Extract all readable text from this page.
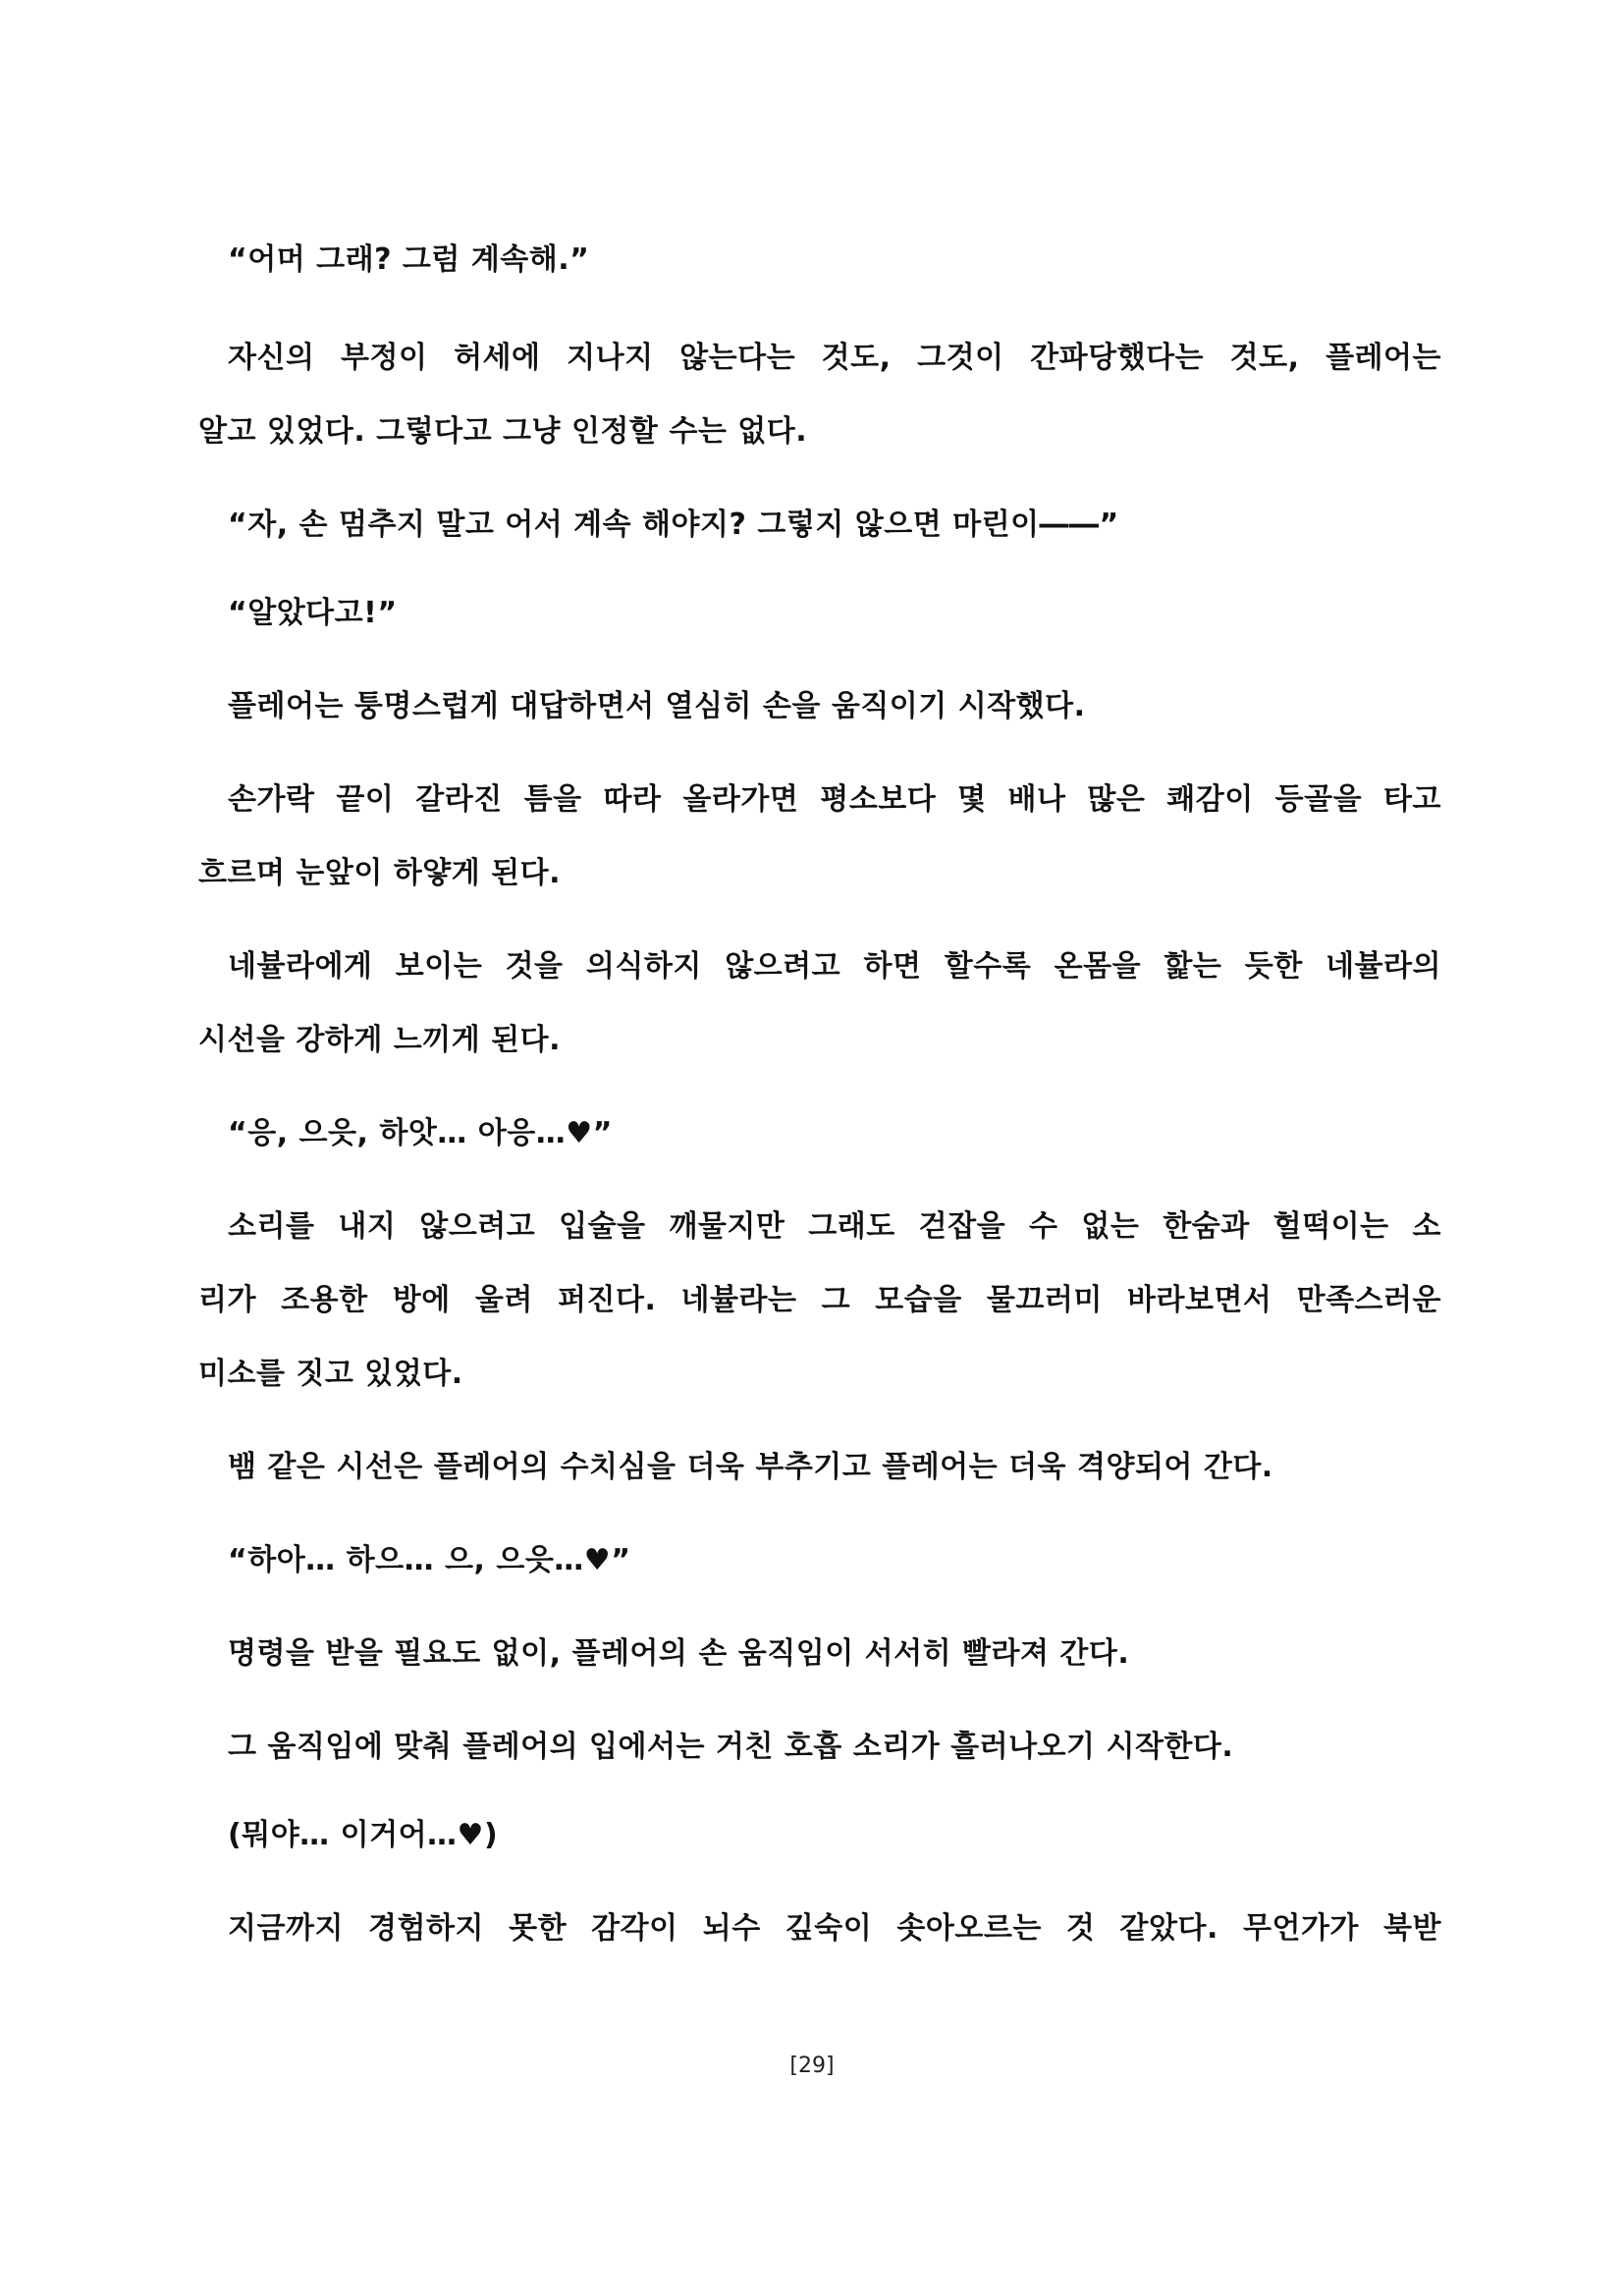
“어머 그래? 그럼 계속해.”
자신의 부정이 허세에 지나지 않는다는 것도, 그것이 간파당했다는 것도, 플레어는
알고 있었다. 그렇다고 그냥 인정할 수는 없다.
“자, 손 멈추지 말고 어서 계속 해야지? 그렇지 않으면 마린이――”
“알았다고!”
플레어는 퉁명스럽게 대답하면서 열심히 손을 움직이기 시작했다.
손가락 끝이 갈라진 틈을 따라 올라가면 평소보다 몇 배나 많은 쾌감이 등골을 타고
흐르며 눈앞이 하얗게 된다.
네뷸라에게 보이는 것을 의식하지 않으려고 하면 할수록 온몸을 핥는 듯한 네뷸라의
시선을 강하게 느끼게 된다.
“응, 으읏, 하앗… 아응…♥”
소리를 내지 않으려고 입술을 깨물지만 그래도 걷잡을 수 없는 한숨과 헐떡이는 소
리가 조용한 방에 울려 퍼진다. 네뷸라는 그 모습을 물끄러미 바라보면서 만족스러운
미소를 짓고 있었다.
뱀 같은 시선은 플레어의 수치심을 더욱 부추기고 플레어는 더욱 격양되어 간다.
“하아… 하으… 으, 으읏…♥”
명령을 받을 필요도 없이, 플레어의 손 움직임이 서서히 빨라져 간다.
그 움직임에 맞춰 플레어의 입에서는 거친 호흡 소리가 흘러나오기 시작한다.
(뭐야… 이거어…♥)
지금까지 경험하지 못한 감각이 뇌수 깊숙이 솟아오르는 것 같았다. 무언가가 북받
[29]
